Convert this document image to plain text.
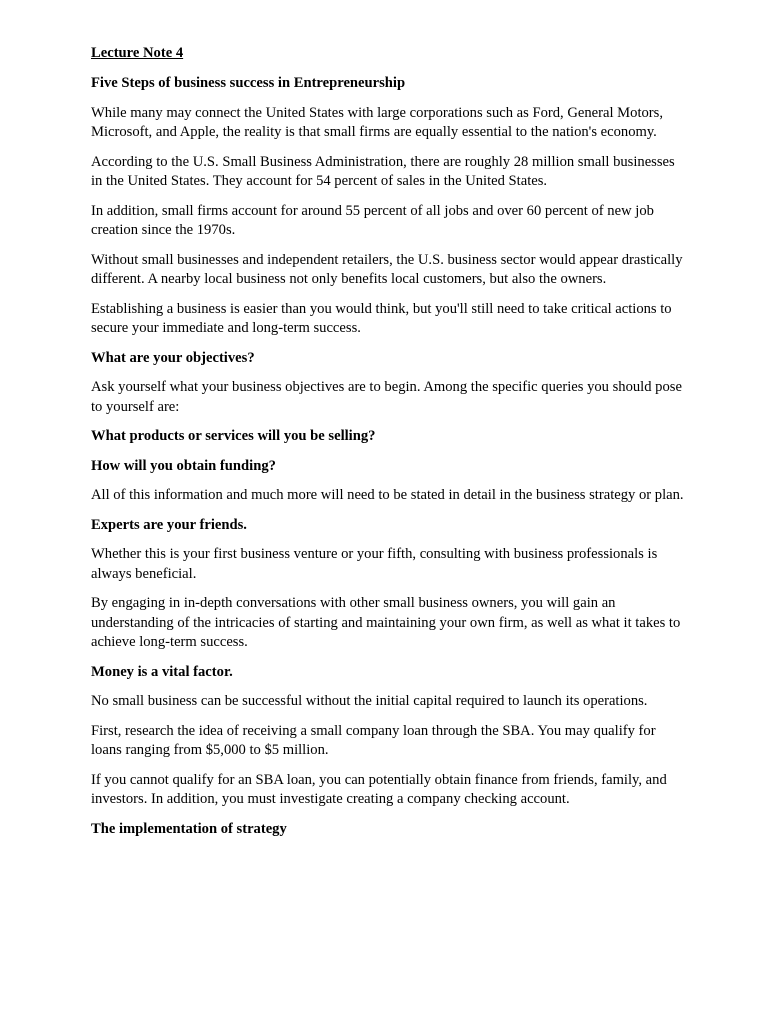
Lecture Note 4
Five Steps of business success in Entrepreneurship
While many may connect the United States with large corporations such as Ford, General Motors, Microsoft, and Apple, the reality is that small firms are equally essential to the nation's economy.
According to the U.S. Small Business Administration, there are roughly 28 million small businesses in the United States. They account for 54 percent of sales in the United States.
In addition, small firms account for around 55 percent of all jobs and over 60 percent of new job creation since the 1970s.
Without small businesses and independent retailers, the U.S. business sector would appear drastically different. A nearby local business not only benefits local customers, but also the owners.
Establishing a business is easier than you would think, but you'll still need to take critical actions to secure your immediate and long-term success.
What are your objectives?
Ask yourself what your business objectives are to begin. Among the specific queries you should pose to yourself are:
What products or services will you be selling?
How will you obtain funding?
All of this information and much more will need to be stated in detail in the business strategy or plan.
Experts are your friends.
Whether this is your first business venture or your fifth, consulting with business professionals is always beneficial.
By engaging in in-depth conversations with other small business owners, you will gain an understanding of the intricacies of starting and maintaining your own firm, as well as what it takes to achieve long-term success.
Money is a vital factor.
No small business can be successful without the initial capital required to launch its operations.
First, research the idea of receiving a small company loan through the SBA. You may qualify for loans ranging from $5,000 to $5 million.
If you cannot qualify for an SBA loan, you can potentially obtain finance from friends, family, and investors. In addition, you must investigate creating a company checking account.
The implementation of strategy
